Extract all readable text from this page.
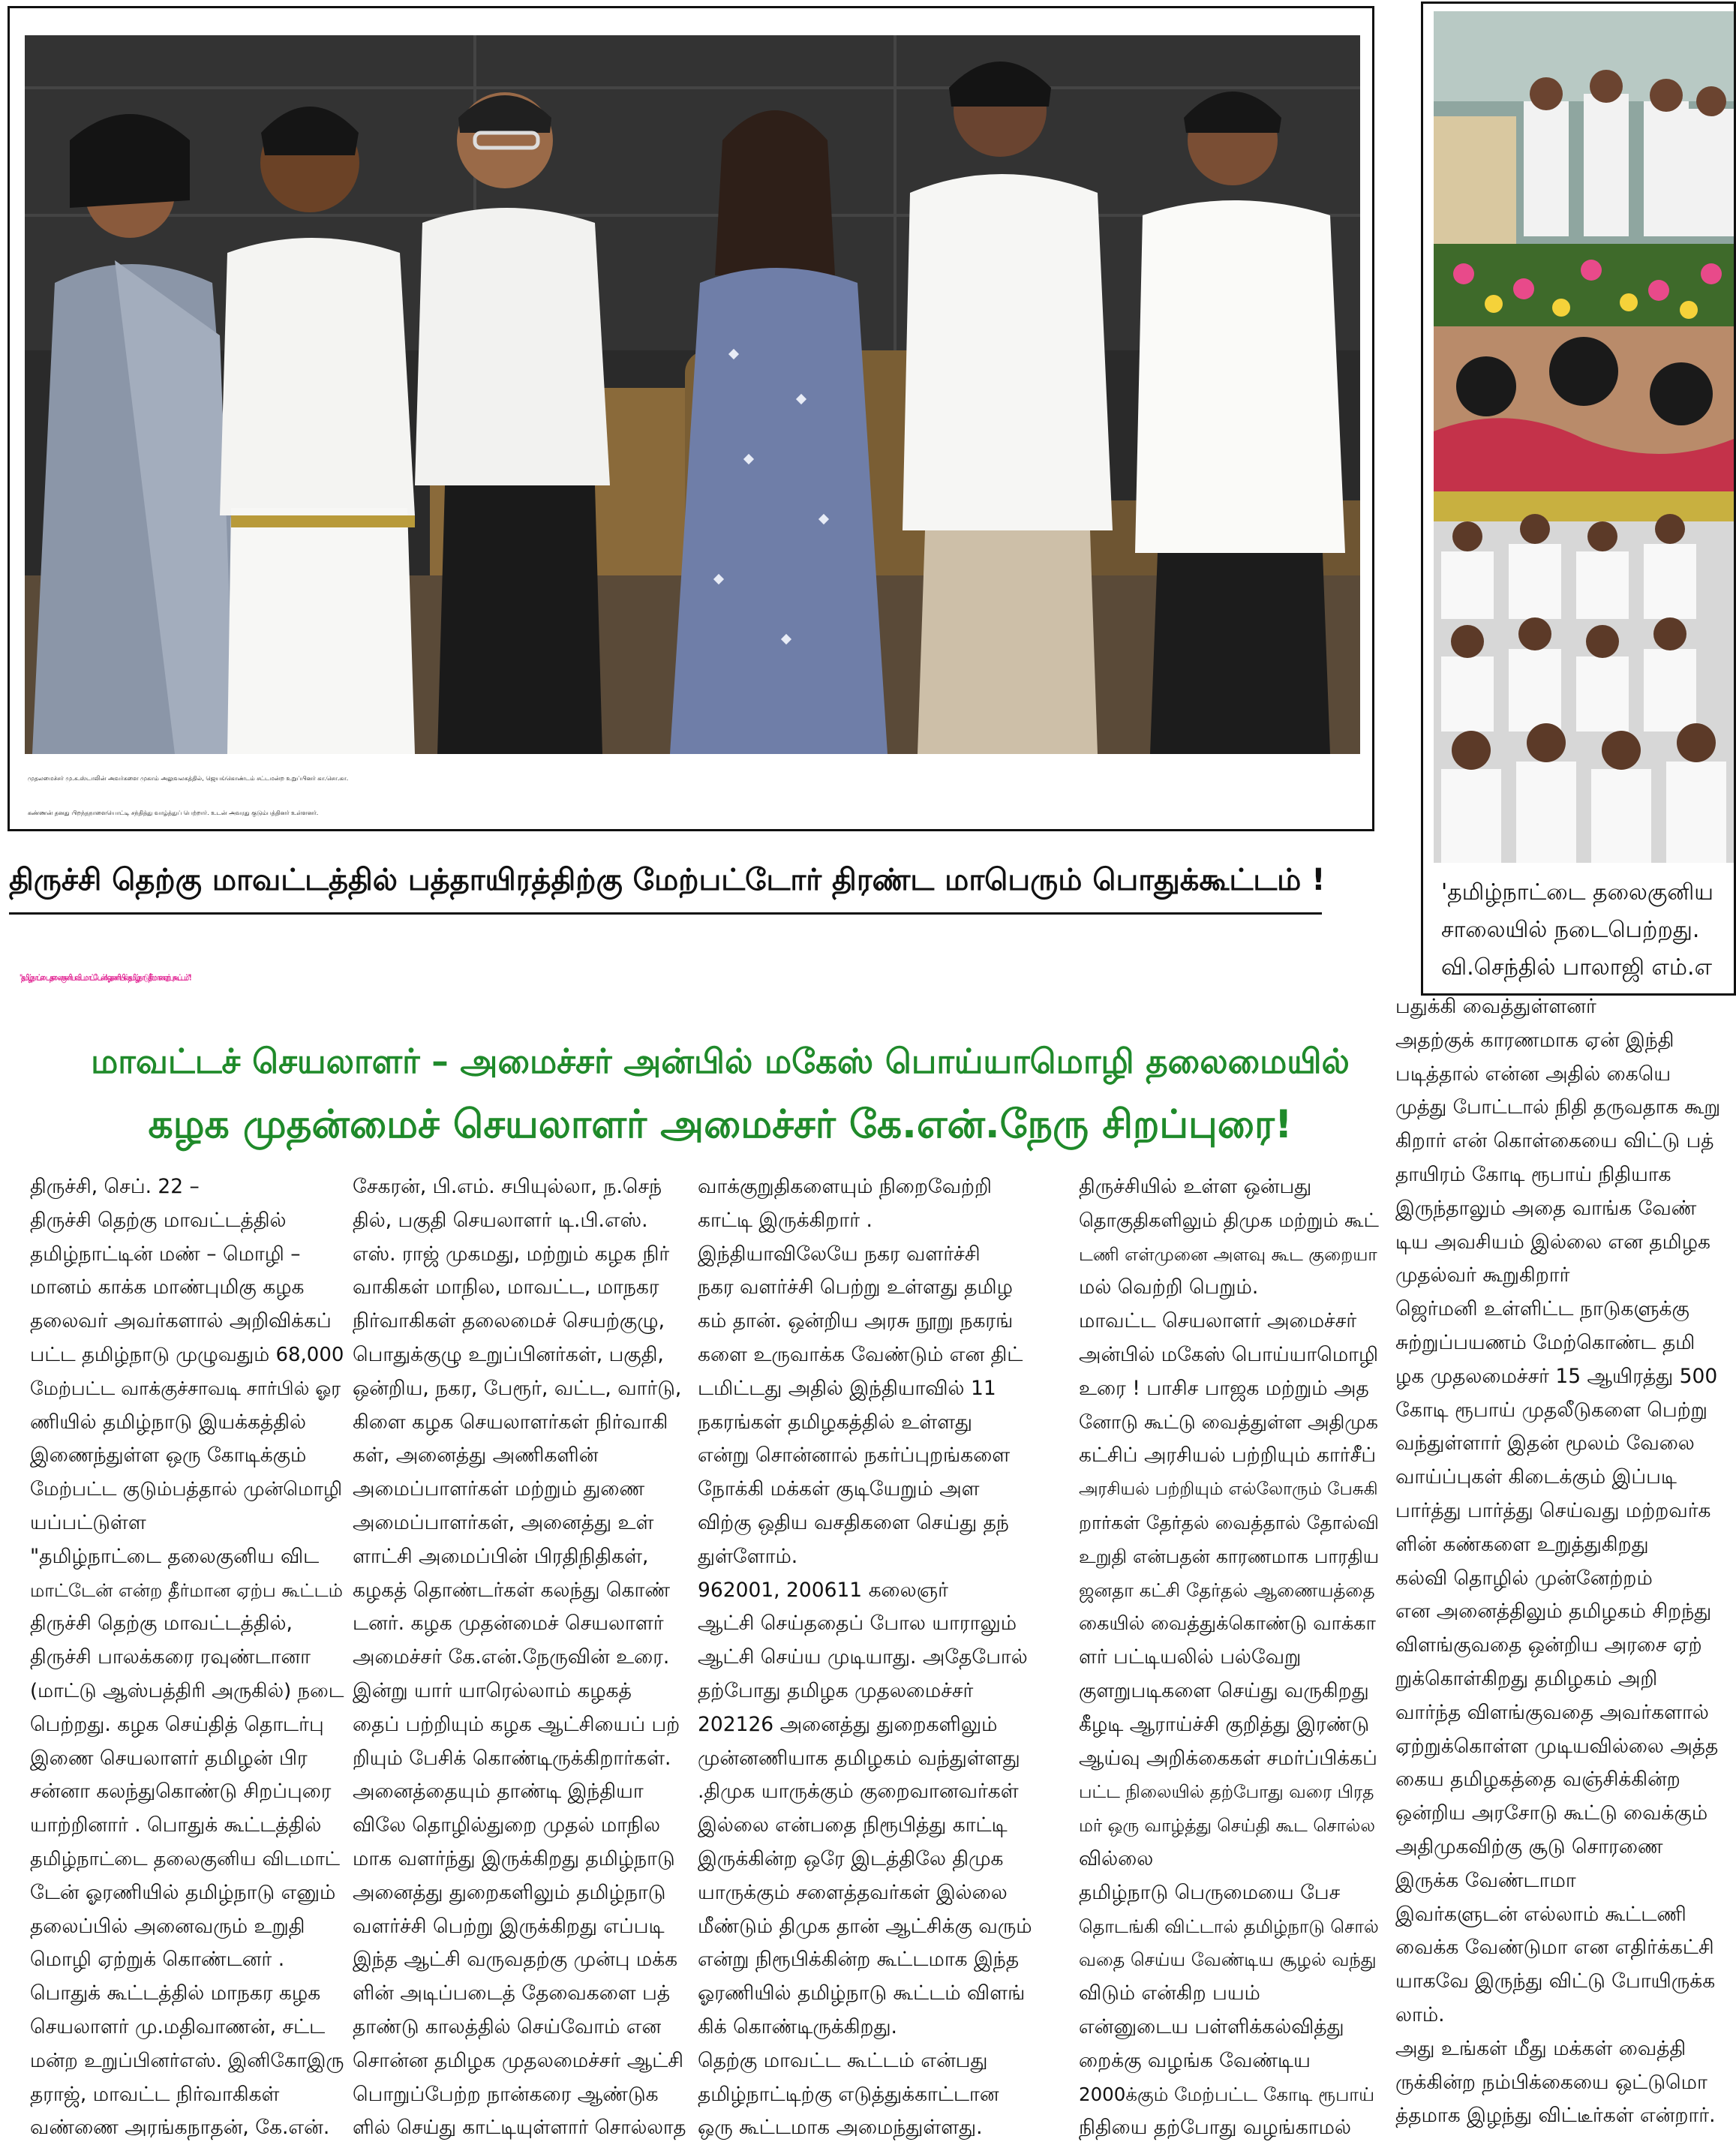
முதலமைச்சர் மு.க.ஸ்டாலின் அவர்களை முகாம் அலுவலகத்தில், ஜெயங்கொண்டம் சட்டமன்ற உறுப்பினர் கா.சொ.கா.

கண்ணன் தனது பிறந்தநாளையொட்டி சந்தித்து வாழ்த்துப் பெற்றார். உடன் அவரது குடும்பத்தினர் உள்ளனர்.

'தமிழ்நாட்டை தலைகுனிய

சாலையில் நடைபெற்றது.

வி.செந்தில் பாலாஜி எம்.எ

திருச்சி தெற்கு மாவட்டத்தில் பத்தாயிரத்திற்கு மேற்பட்டோர் திரண்ட மாபெரும் பொதுக்கூட்டம் !
"தமிழ்நாட்டை தலைகுனிய விடமாட்டேன்! ஓரணியில் தமிழ்நாடு தீர்மான ஏற்பு கூட்டம்"!
மாவட்டச் செயலாளர் – அமைச்சர் அன்பில் மகேஸ் பொய்யாமொழி தலைமையில்
கழக முதன்மைச் செயலாளர் அமைச்சர் கே.என்.நேரு சிறப்புரை!

திருச்சி, செப். 22 –

திருச்சி தெற்கு மாவட்டத்தில்

தமிழ்நாட்டின் மண் – மொழி –

மானம் காக்க மாண்புமிகு கழக

தலைவர் அவர்களால் அறிவிக்கப்

பட்ட தமிழ்நாடு முழுவதும் 68,000

மேற்பட்ட வாக்குச்சாவடி சார்பில் ஓர

ணியில் தமிழ்நாடு இயக்கத்தில்

இணைந்துள்ள ஒரு கோடிக்கும்

மேற்பட்ட குடும்பத்தால் முன்மொழி

யப்பட்டுள்ள

"தமிழ்நாட்டை தலைகுனிய விட

மாட்டேன் என்ற தீர்மான ஏற்ப கூட்டம்

திருச்சி தெற்கு மாவட்டத்தில்,

திருச்சி பாலக்கரை ரவுண்டானா

(மாட்டு ஆஸ்பத்திரி அருகில்) நடை

பெற்றது. கழக செய்தித் தொடர்பு

இணை செயலாளர் தமிழன் பிர

சன்னா கலந்துகொண்டு சிறப்புரை

யாற்றினார் . பொதுக் கூட்டத்தில்

தமிழ்நாட்டை தலைகுனிய விடமாட்

டேன் ஓரணியில் தமிழ்நாடு எனும்

தலைப்பில் அனைவரும் உறுதி

மொழி ஏற்றுக் கொண்டனர் .

பொதுக் கூட்டத்தில் மாநகர கழக

செயலாளர் மு.மதிவாணன், சட்ட

மன்ற உறுப்பினர்எஸ். இனிகோஇரு

தராஜ், மாவட்ட நிர்வாகிகள்

வண்ணை அரங்கநாதன், கே.என்.

சேகரன், பி.எம். சபியுல்லா, ந.செந்

தில், பகுதி செயலாளர் டி.பி.எஸ்.

எஸ். ராஜ் முகமது, மற்றும் கழக நிர்

வாகிகள் மாநில, மாவட்ட, மாநகர

நிர்வாகிகள் தலைமைச் செயற்குழு,

பொதுக்குழு உறுப்பினர்கள், பகுதி,

ஒன்றிய, நகர, பேரூர், வட்ட, வார்டு,

கிளை கழக செயலாளர்கள் நிர்வாகி

கள், அனைத்து அணிகளின்

அமைப்பாளர்கள் மற்றும் துணை

அமைப்பாளர்கள், அனைத்து உள்

ளாட்சி அமைப்பின் பிரதிநிதிகள்,

கழகத் தொண்டர்கள் கலந்து கொண்

டனர். கழக முதன்மைச் செயலாளர்

அமைச்சர் கே.என்.நேருவின் உரை.

இன்று யார் யாரெல்லாம் கழகத்

தைப் பற்றியும் கழக ஆட்சியைப் பற்

றியும் பேசிக் கொண்டிருக்கிறார்கள்.

அனைத்தையும் தாண்டி இந்தியா

விலே தொழில்துறை முதல் மாநில

மாக வளர்ந்து இருக்கிறது தமிழ்நாடு

அனைத்து துறைகளிலும் தமிழ்நாடு

வளர்ச்சி பெற்று இருக்கிறது எப்படி

இந்த ஆட்சி வருவதற்கு முன்பு மக்க

ளின் அடிப்படைத் தேவைகளை பத்

தாண்டு காலத்தில் செய்வோம் என

சொன்ன தமிழக முதலமைச்சர் ஆட்சி

பொறுப்பேற்ற நான்கரை ஆண்டுக

ளில் செய்து காட்டியுள்ளார் சொல்லாத

வாக்குறுதிகளையும் நிறைவேற்றி

காட்டி இருக்கிறார் .

இந்தியாவிலேயே நகர வளர்ச்சி

நகர வளர்ச்சி பெற்று உள்ளது தமிழ

கம் தான். ஒன்றிய அரசு நூறு நகரங்

களை உருவாக்க வேண்டும் என திட்

டமிட்டது அதில் இந்தியாவில் 11

நகரங்கள் தமிழகத்தில் உள்ளது

என்று சொன்னால் நகர்ப்புறங்களை

நோக்கி மக்கள் குடியேறும் அள

விற்கு ஒதிய வசதிகளை செய்து தந்

துள்ளோம்.

962001, 200611 கலைஞர்

ஆட்சி செய்ததைப் போல யாராலும்

ஆட்சி செய்ய முடியாது. அதேபோல்

தற்போது தமிழக முதலமைச்சர்

202126 அனைத்து துறைகளிலும்

முன்னணியாக தமிழகம் வந்துள்ளது

.திமுக யாருக்கும் குறைவானவர்கள்

இல்லை என்பதை நிரூபித்து காட்டி

இருக்கின்ற ஒரே இடத்திலே திமுக

யாருக்கும் சளைத்தவர்கள் இல்லை

மீண்டும் திமுக தான் ஆட்சிக்கு வரும்

என்று நிரூபிக்கின்ற கூட்டமாக இந்த

ஓரணியில் தமிழ்நாடு கூட்டம் விளங்

கிக் கொண்டிருக்கிறது.

தெற்கு மாவட்ட கூட்டம் என்பது

தமிழ்நாட்டிற்கு எடுத்துக்காட்டான

ஒரு கூட்டமாக அமைந்துள்ளது.

திருச்சியில் உள்ள ஒன்பது

தொகுதிகளிலும் திமுக மற்றும் கூட்

டணி எள்முனை அளவு கூட குறையா

மல் வெற்றி பெறும்.

மாவட்ட செயலாளர் அமைச்சர்

அன்பில் மகேஸ் பொய்யாமொழி

உரை ! பாசிச பாஜக மற்றும் அத

னோடு கூட்டு வைத்துள்ள அதிமுக

கட்சிப் அரசியல் பற்றியும் கார்சீப்

அரசியல் பற்றியும் எல்லோரும் பேசுகி

றார்கள் தேர்தல் வைத்தால் தோல்வி

உறுதி என்பதன் காரணமாக பாரதிய

ஜனதா கட்சி தேர்தல் ஆணையத்தை

கையில் வைத்துக்கொண்டு வாக்கா

ளர் பட்டியலில் பல்வேறு

குளறுபடிகளை செய்து வருகிறது

கீழடி ஆராய்ச்சி குறித்து இரண்டு

ஆய்வு அறிக்கைகள் சமர்ப்பிக்கப்

பட்ட நிலையில் தற்போது வரை பிரத

மர் ஒரு வாழ்த்து செய்தி கூட சொல்ல

வில்லை

தமிழ்நாடு பெருமையை பேச

தொடங்கி விட்டால் தமிழ்நாடு சொல்

வதை செய்ய வேண்டிய சூழல் வந்து

விடும் என்கிற பயம்

என்னுடைய பள்ளிக்கல்வித்து

றைக்கு வழங்க வேண்டிய

2000க்கும் மேற்பட்ட கோடி ரூபாய்

நிதியை தற்போது வழங்காமல்

பதுக்கி வைத்துள்ளனர்

அதற்குக் காரணமாக ஏன் இந்தி

படித்தால் என்ன அதில் கையெ

முத்து போட்டால் நிதி தருவதாக கூறு

கிறார் என் கொள்கையை விட்டு பத்

தாயிரம் கோடி ரூபாய் நிதியாக

இருந்தாலும் அதை வாங்க வேண்

டிய அவசியம் இல்லை என தமிழக

முதல்வர் கூறுகிறார்

ஜெர்மனி உள்ளிட்ட நாடுகளுக்கு

சுற்றுப்பயணம் மேற்கொண்ட தமி

ழக முதலமைச்சர் 15 ஆயிரத்து 500

கோடி ரூபாய் முதலீடுகளை பெற்று

வந்துள்ளார் இதன் மூலம் வேலை

வாய்ப்புகள் கிடைக்கும் இப்படி

பார்த்து பார்த்து செய்வது மற்றவர்க

ளின் கண்களை உறுத்துகிறது

கல்வி தொழில் முன்னேற்றம்

என அனைத்திலும் தமிழகம் சிறந்து

விளங்குவதை ஒன்றிய அரசை ஏற்

றுக்கொள்கிறது தமிழகம் அறி

வார்ந்த விளங்குவதை அவர்களால்

ஏற்றுக்கொள்ள முடியவில்லை அத்த

கைய தமிழகத்தை வஞ்சிக்கின்ற

ஒன்றிய அரசோடு கூட்டு வைக்கும்

அதிமுகவிற்கு சூடு சொரணை

இருக்க வேண்டாமா

இவர்களுடன் எல்லாம் கூட்டணி

வைக்க வேண்டுமா என எதிர்க்கட்சி

யாகவே இருந்து விட்டு போயிருக்க

லாம்.

அது உங்கள் மீது மக்கள் வைத்தி

ருக்கின்ற நம்பிக்கையை ஒட்டுமொ

த்தமாக இழந்து விட்டீர்கள் என்றார்.
